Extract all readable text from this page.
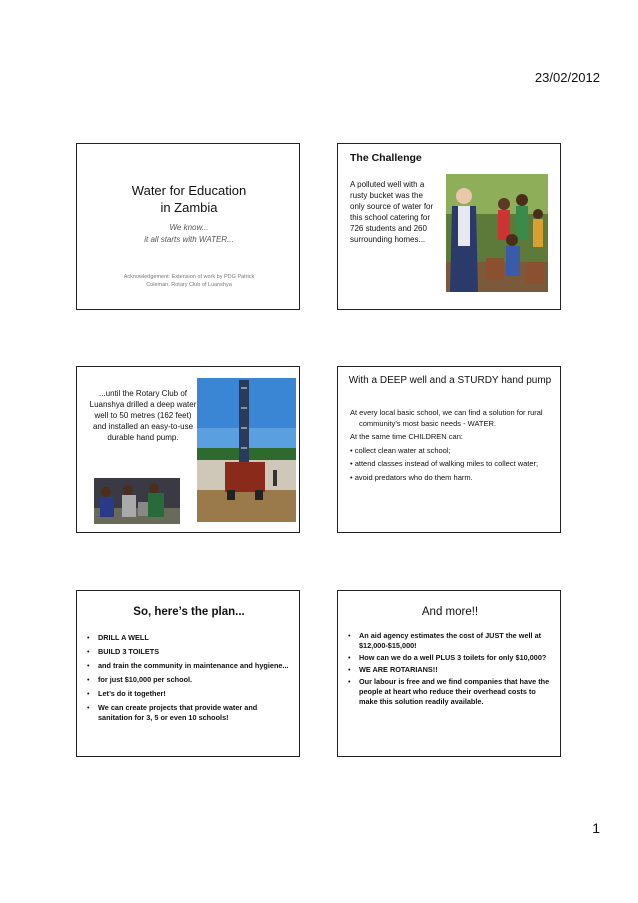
23/02/2012
Water for Education
in Zambia
We know...
it all starts with WATER...
Acknowledgement: Extension of work by PDG Patrick
Coleman, Rotary Club of Luanshya
The Challenge
A polluted well with a rusty bucket was the only source of water for this school catering for 726 students and 260 surrounding homes...
...until the Rotary Club of Luanshya drilled a deep water well to 50 metres (162 feet) and installed an easy-to-use durable hand pump.
With a DEEP well and a STURDY hand pump
At every local basic school, we can find a solution for rural community’s most basic needs - WATER.
At the same time CHILDREN can:
• collect clean water at school;
• attend classes instead of walking miles to collect water;
• avoid predators who do them harm.
So, here’s the plan...
• DRILL A WELL
• BUILD 3 TOILETS
• and train the community in maintenance and hygiene...
• for just $10,000 per school.
• Let’s do it together!
• We can create projects that provide water and sanitation for 3, 5 or even 10 schools!
And more!!
• An aid agency estimates the cost of JUST the well at $12,000-$15,000!
• How can we do a well PLUS 3 toilets for only $10,000?
• WE ARE ROTARIANS!!
• Our labour is free and we find companies that have the people at heart who reduce their overhead costs to make this solution readily available.
1
